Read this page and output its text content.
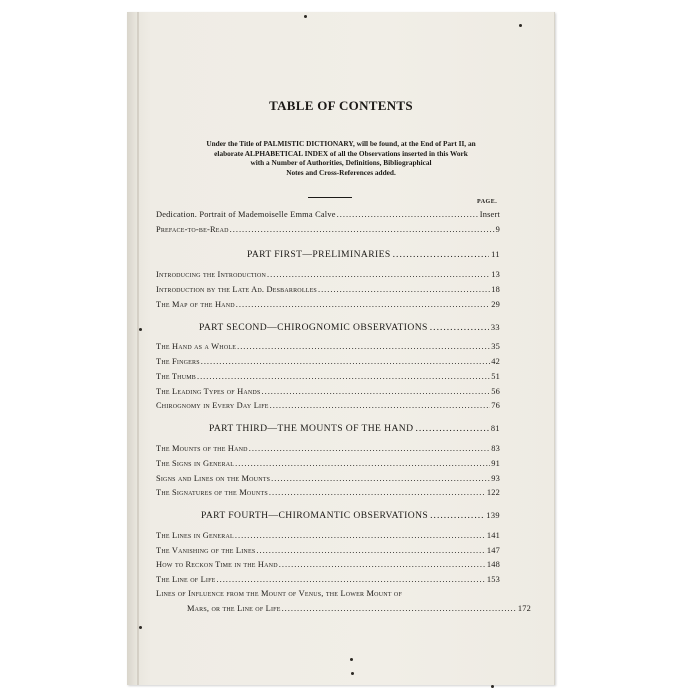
TABLE OF CONTENTS
Under the Title of PALMISTIC DICTIONARY, will be found, at the End of Part II, an
elaborate ALPHABETICAL INDEX of all the Observations inserted in this Work
with a Number of Authorities, Definitions, Bibliographical
Notes and Cross-References added.
PAGE.
Dedication. Portrait of Mademoiselle Emma Calve .....	Insert
Preface-to-be-Read .....	9
PART FIRST—PRELIMINARIES .....	11
Introducing the Introduction .....	13
Introduction by the Late Ad. Desbarrolles .....	18
The Map of the Hand .....	29
PART SECOND—CHIROGNOMIC OBSERVATIONS .....	33
The Hand as a Whole .....	35
The Fingers .....	42
The Thumb .....	51
The Leading Types of Hands .....	56
Chirognomy in Every Day Life .....	76
PART THIRD—THE MOUNTS OF THE HAND .....	81
The Mounts of the Hand .....	83
The Signs in General .....	91
Signs and Lines on the Mounts .....	93
The Signatures of the Mounts .....	122
PART FOURTH—CHIROMANTIC OBSERVATIONS .....	139
The Lines in General .....	141
The Vanishing of the Lines .....	147
How to Reckon Time in the Hand .....	148
The Line of Life .....	153
Lines of Influence from the Mount of Venus, the Lower Mount of
Mars, or the Line of Life .....	172
